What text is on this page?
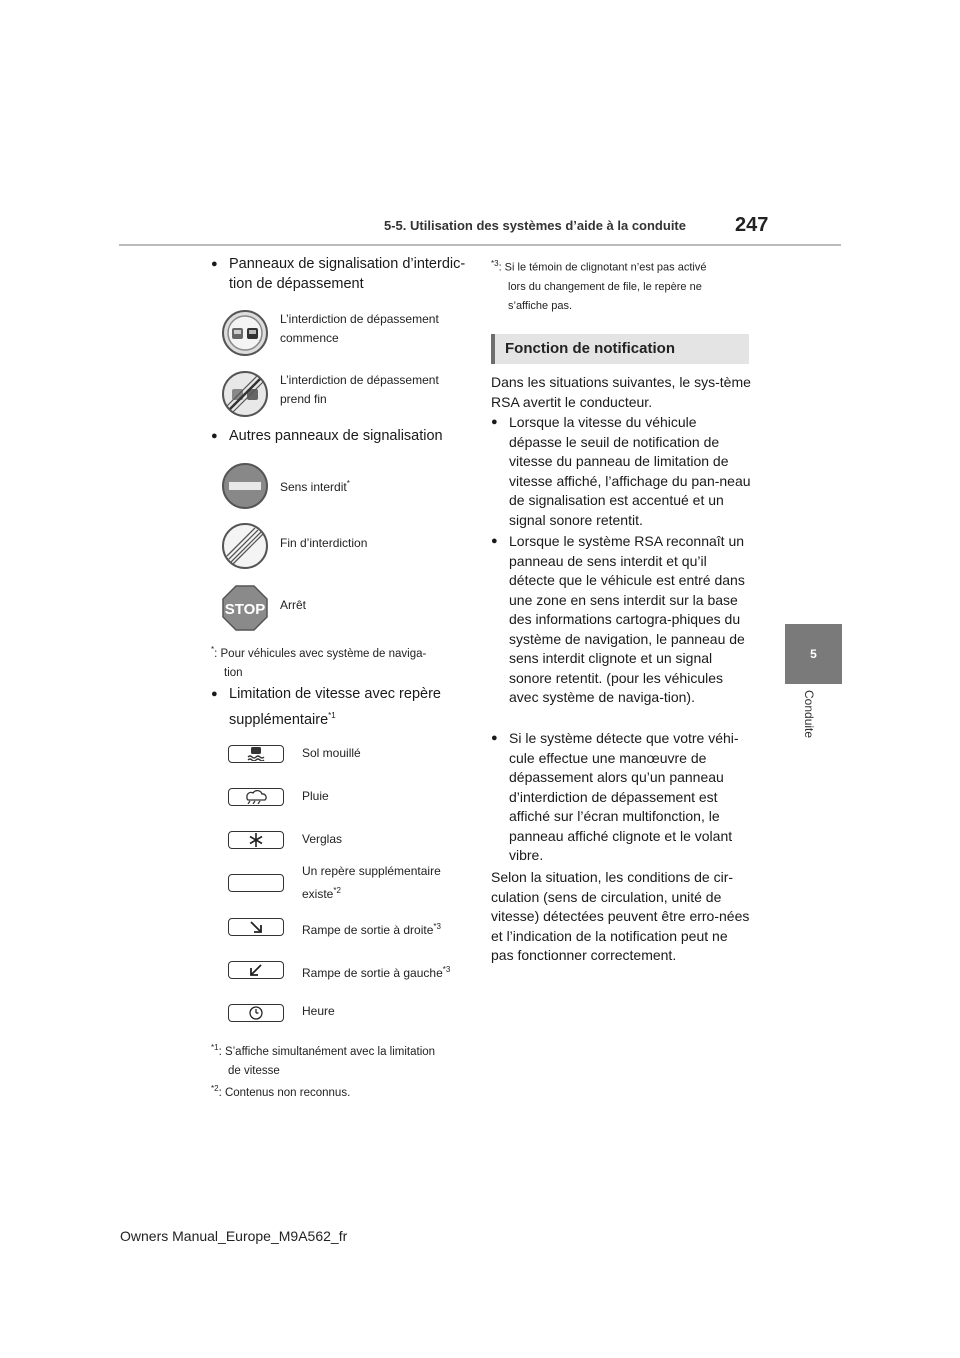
5-5. Utilisation des systèmes d’aide à la conduite 247
5
Conduite
● Panneaux de signalisation d’interdic-
tion de dépassement
L’interdiction de dépassement
commence
L’interdiction de dépassement
prend fin
● Autres panneaux de signalisation
Sens interdit*
Fin d’interdiction
STOP Arrêt
*: Pour véhicules avec système de naviga-
tion
● Limitation de vitesse avec repère
supplémentaire$^{*1}$
Sol mouillé
Pluie
Verglas
Un repère supplémentaire
existe$^{*2}$
Rampe de sortie à droite$^{*3}$
Rampe de sortie à gauche$^{*3}$
Heure
$^{*1}$: S’affiche simultanément avec la limitation
de vitesse
$^{*2}$: Contenus non reconnus.
$^{*3}$: Si le témoin de clignotant n’est pas activé
lors du changement de file, le repère ne
s’affiche pas.
Fonction de notification
Dans les situations suivantes, le sys-tème RSA avertit le conducteur.
● Lorsque la vitesse du véhicule dépasse le seuil de notification de vitesse du panneau de limitation de vitesse affiché, l’affichage du pan-neau de signalisation est accentué et un signal sonore retentit.
● Lorsque le système RSA reconnaît un panneau de sens interdit et qu’il détecte que le véhicule est entré dans une zone en sens interdit sur la base des informations cartogra-phiques du système de navigation, le panneau de sens interdit clignote et un signal sonore retentit. (pour les véhicules avec système de naviga-tion).
● Si le système détecte que votre véhi-cule effectue une manœuvre de dépassement alors qu’un panneau d’interdiction de dépassement est affiché sur l’écran multifonction, le panneau affiché clignote et le volant vibre.
Selon la situation, les conditions de cir-culation (sens de circulation, unité de vitesse) détectées peuvent être erro-nées et l’indication de la notification peut ne pas fonctionner correctement.
Owners Manual_Europe_M9A562_fr
